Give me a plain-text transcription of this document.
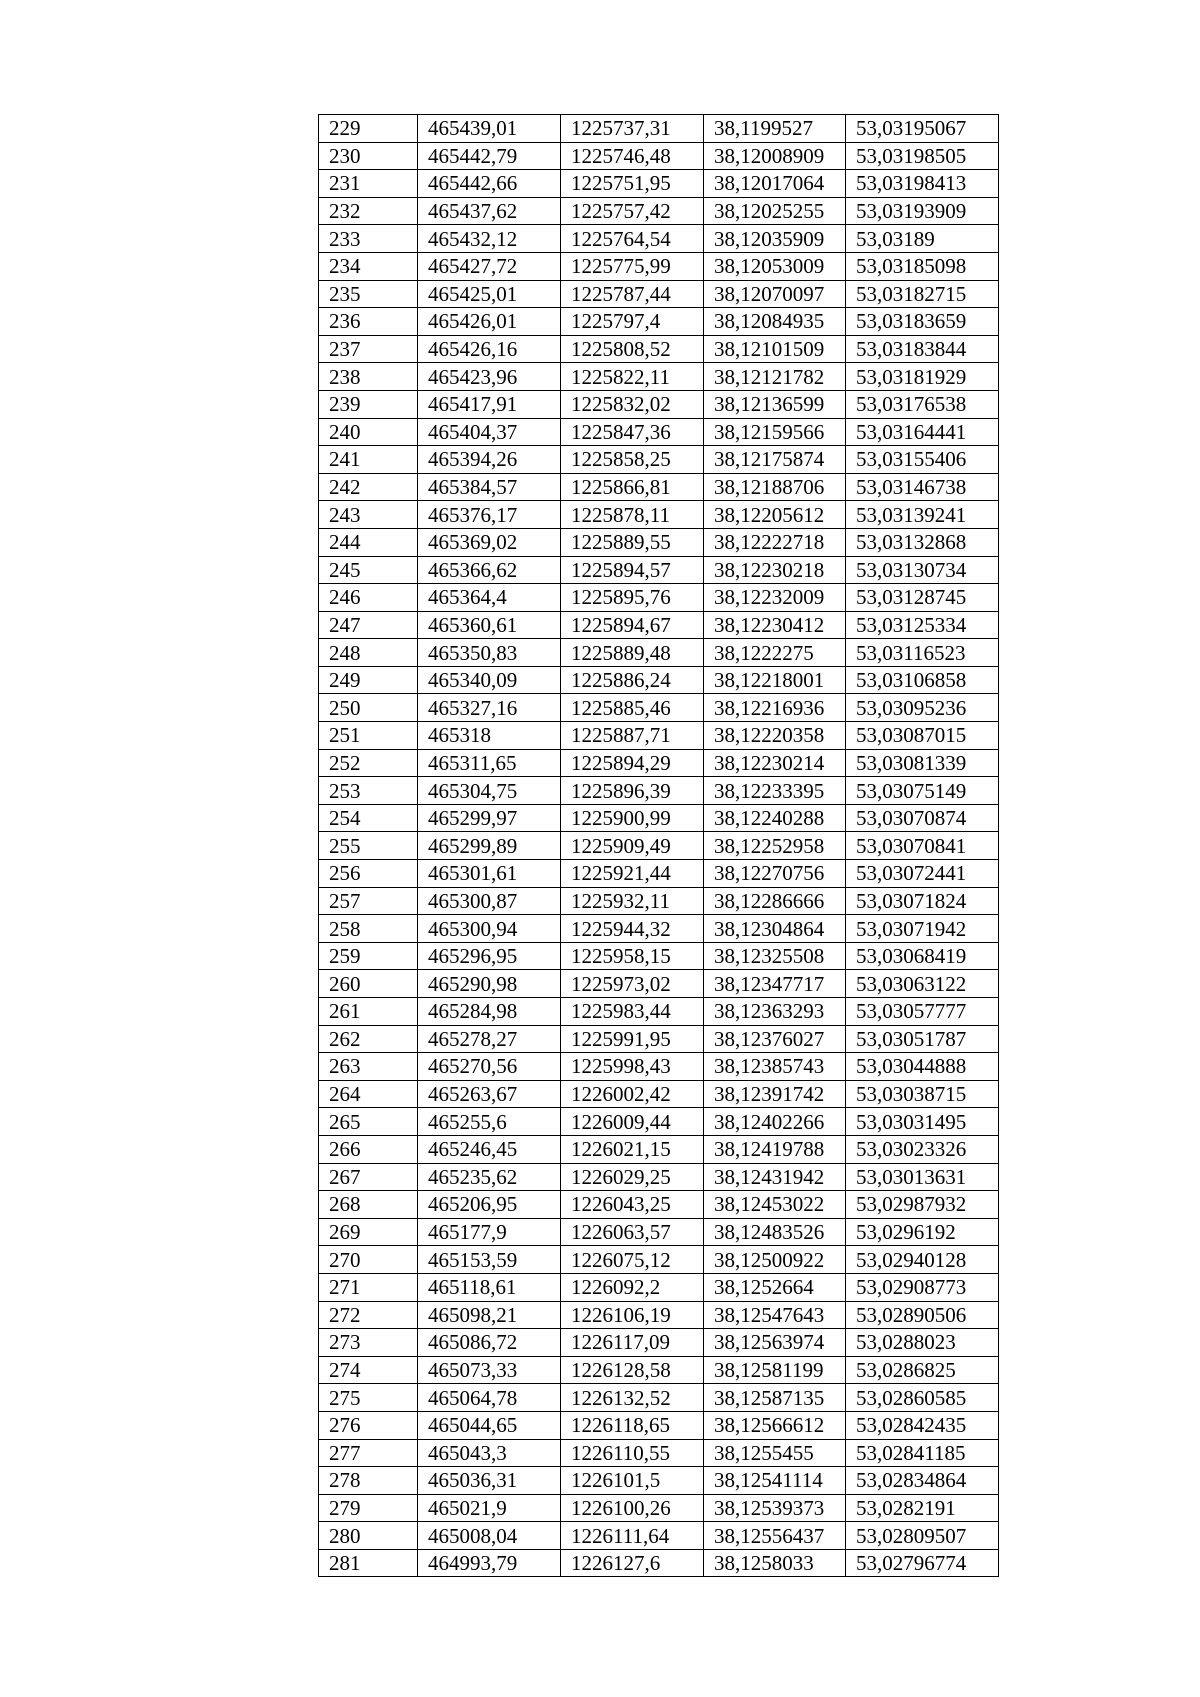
229	465439,01	1225737,31	38,1199527	53,03195067
230	465442,79	1225746,48	38,12008909	53,03198505
231	465442,66	1225751,95	38,12017064	53,03198413
232	465437,62	1225757,42	38,12025255	53,03193909
233	465432,12	1225764,54	38,12035909	53,03189
234	465427,72	1225775,99	38,12053009	53,03185098
235	465425,01	1225787,44	38,12070097	53,03182715
236	465426,01	1225797,4	38,12084935	53,03183659
237	465426,16	1225808,52	38,12101509	53,03183844
238	465423,96	1225822,11	38,12121782	53,03181929
239	465417,91	1225832,02	38,12136599	53,03176538
240	465404,37	1225847,36	38,12159566	53,03164441
241	465394,26	1225858,25	38,12175874	53,03155406
242	465384,57	1225866,81	38,12188706	53,03146738
243	465376,17	1225878,11	38,12205612	53,03139241
244	465369,02	1225889,55	38,12222718	53,03132868
245	465366,62	1225894,57	38,12230218	53,03130734
246	465364,4	1225895,76	38,12232009	53,03128745
247	465360,61	1225894,67	38,12230412	53,03125334
248	465350,83	1225889,48	38,1222275	53,03116523
249	465340,09	1225886,24	38,12218001	53,03106858
250	465327,16	1225885,46	38,12216936	53,03095236
251	465318	1225887,71	38,12220358	53,03087015
252	465311,65	1225894,29	38,12230214	53,03081339
253	465304,75	1225896,39	38,12233395	53,03075149
254	465299,97	1225900,99	38,12240288	53,03070874
255	465299,89	1225909,49	38,12252958	53,03070841
256	465301,61	1225921,44	38,12270756	53,03072441
257	465300,87	1225932,11	38,12286666	53,03071824
258	465300,94	1225944,32	38,12304864	53,03071942
259	465296,95	1225958,15	38,12325508	53,03068419
260	465290,98	1225973,02	38,12347717	53,03063122
261	465284,98	1225983,44	38,12363293	53,03057777
262	465278,27	1225991,95	38,12376027	53,03051787
263	465270,56	1225998,43	38,12385743	53,03044888
264	465263,67	1226002,42	38,12391742	53,03038715
265	465255,6	1226009,44	38,12402266	53,03031495
266	465246,45	1226021,15	38,12419788	53,03023326
267	465235,62	1226029,25	38,12431942	53,03013631
268	465206,95	1226043,25	38,12453022	53,02987932
269	465177,9	1226063,57	38,12483526	53,0296192
270	465153,59	1226075,12	38,12500922	53,02940128
271	465118,61	1226092,2	38,1252664	53,02908773
272	465098,21	1226106,19	38,12547643	53,02890506
273	465086,72	1226117,09	38,12563974	53,0288023
274	465073,33	1226128,58	38,12581199	53,0286825
275	465064,78	1226132,52	38,12587135	53,02860585
276	465044,65	1226118,65	38,12566612	53,02842435
277	465043,3	1226110,55	38,1255455	53,02841185
278	465036,31	1226101,5	38,12541114	53,02834864
279	465021,9	1226100,26	38,12539373	53,0282191
280	465008,04	1226111,64	38,12556437	53,02809507
281	464993,79	1226127,6	38,1258033	53,02796774
